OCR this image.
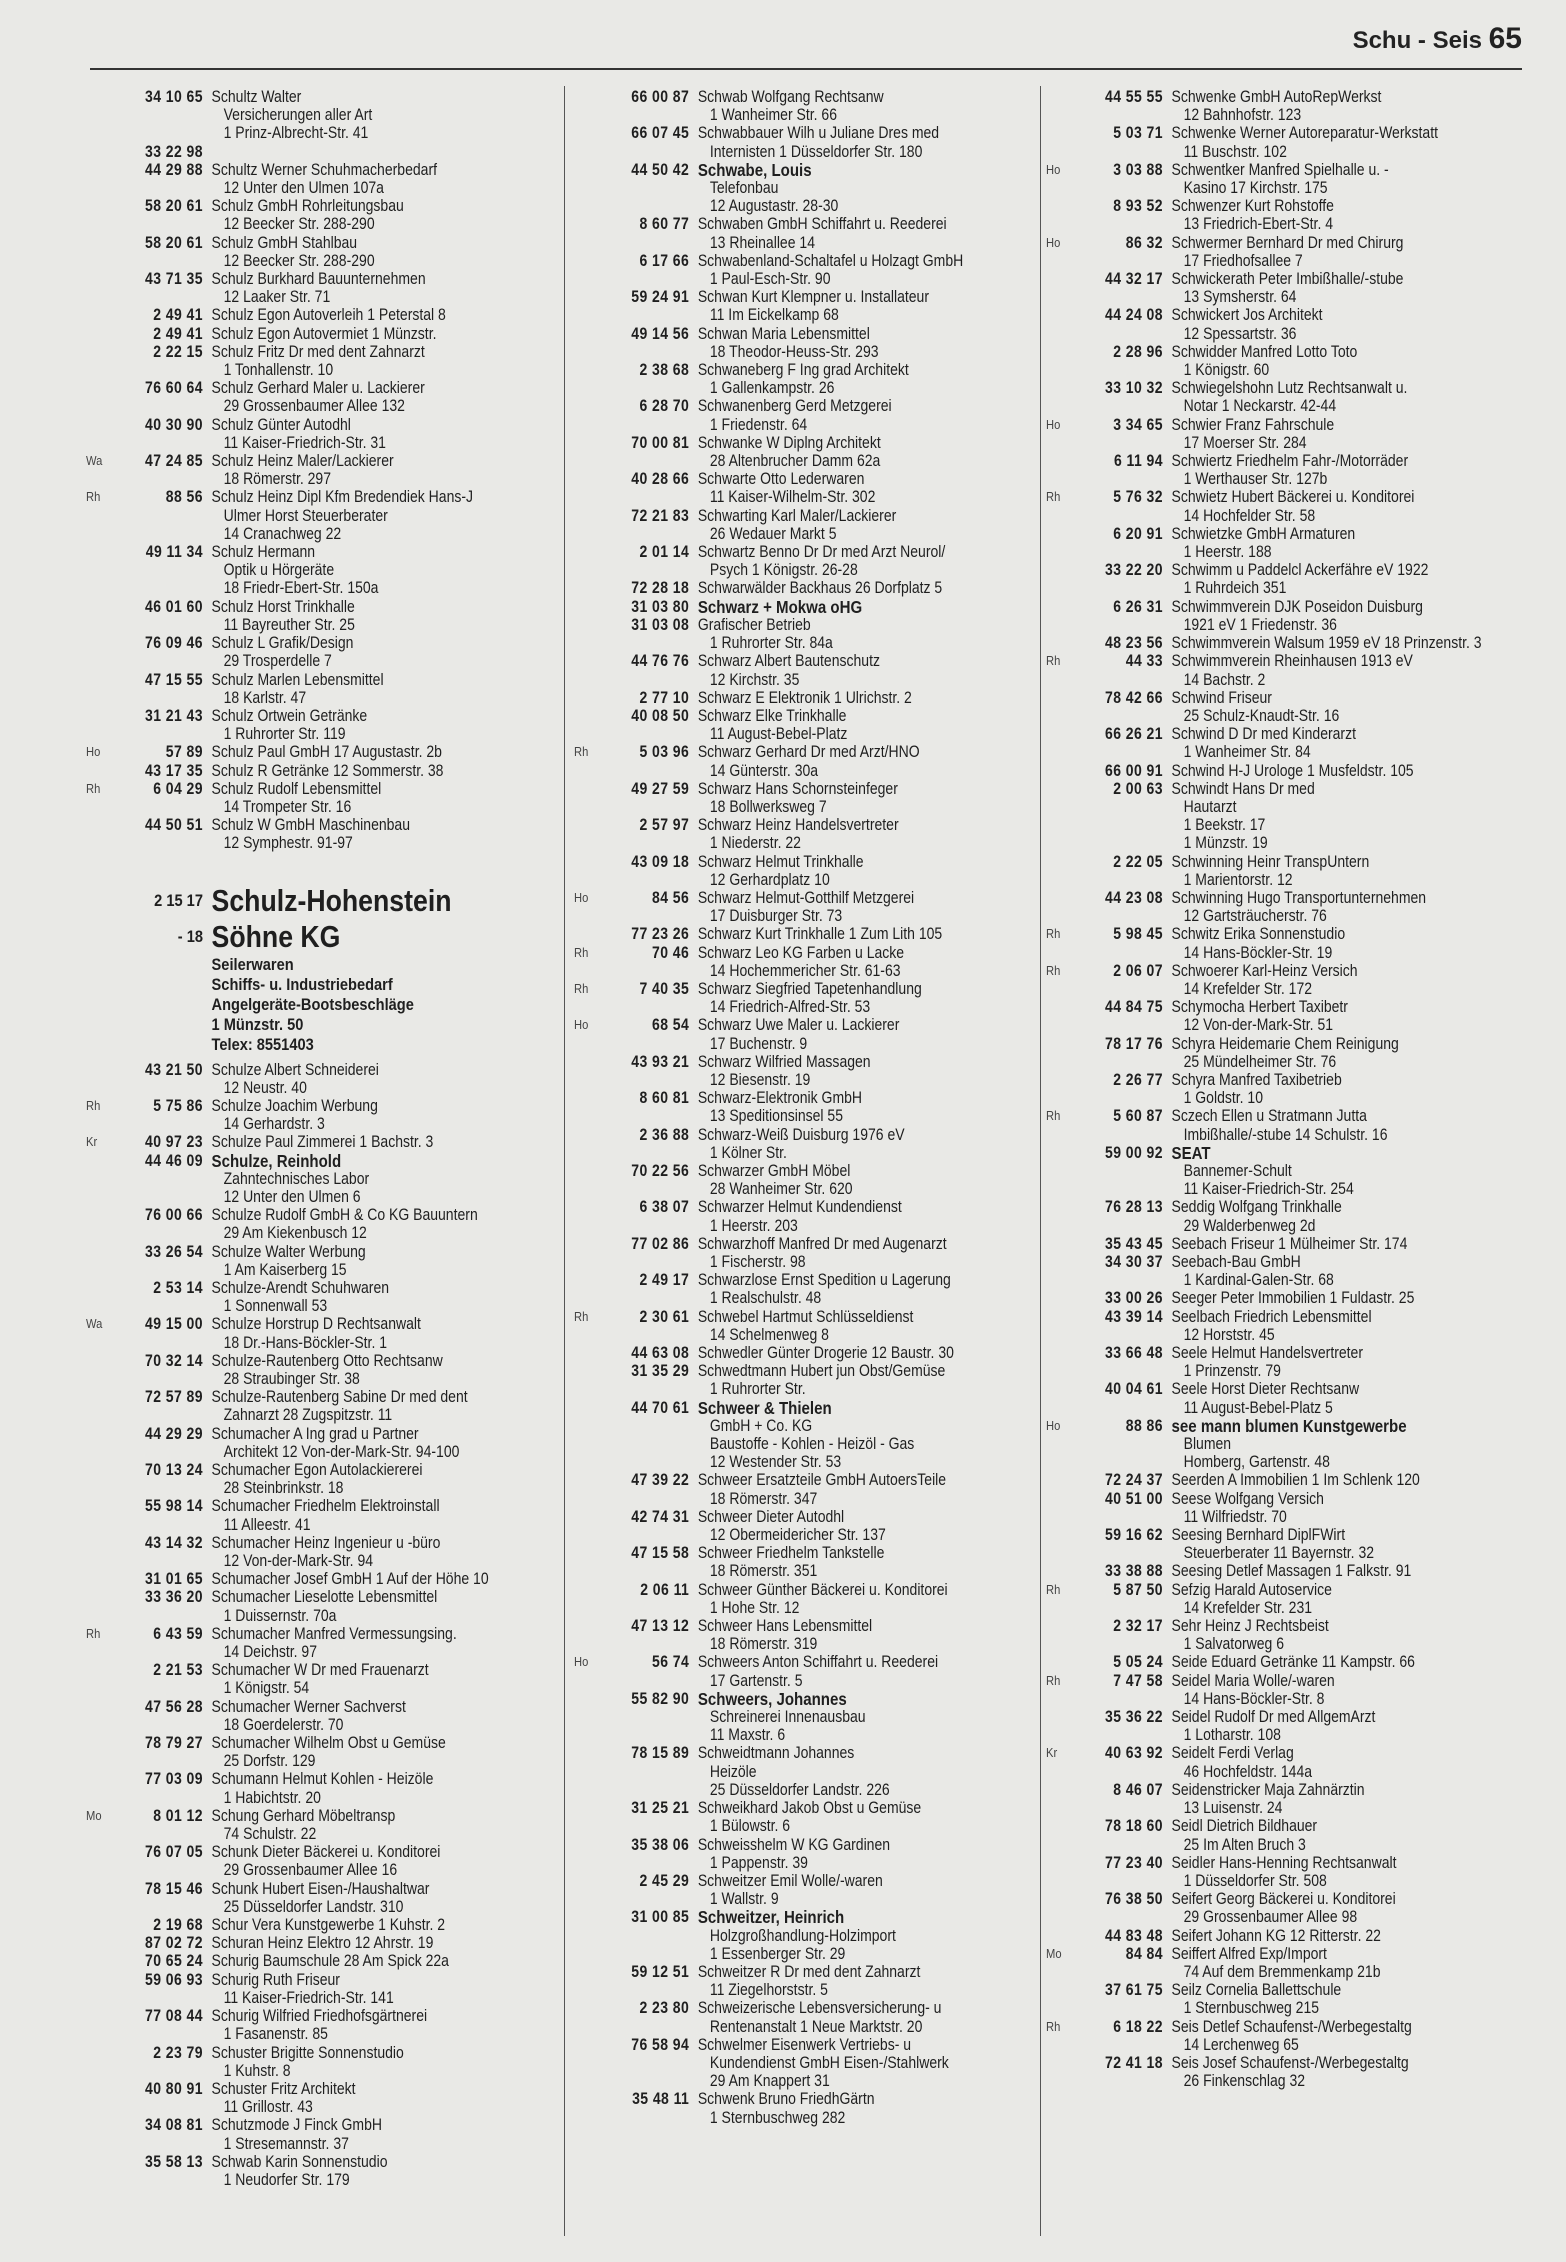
Schu - Seis 65
34 10 65 Schultz Walter
Versicherungen aller Art
1 Prinz-Albrecht-Str. 41
33 22 98
44 29 88 Schultz Werner Schuhmacherbedarf
12 Unter den Ulmen 107a
58 20 61 Schulz GmbH Rohrleitungsbau
12 Beecker Str. 288-290
58 20 61 Schulz GmbH Stahlbau
12 Beecker Str. 288-290
43 71 35 Schulz Burkhard Bauunternehmen
12 Laaker Str. 71
2 49 41 Schulz Egon Autoverleih 1 Peterstal 8
2 49 41 Schulz Egon Autovermiet 1 Münzstr.
2 22 15 Schulz Fritz Dr med dent Zahnarzt
1 Tonhallenstr. 10
76 60 64 Schulz Gerhard Maler u. Lackierer
29 Grossenbaumer Allee 132
40 30 90 Schulz Günter Autodhl
11 Kaiser-Friedrich-Str. 31
Wa	47 24 85 Schulz Heinz Maler/Lackierer
18 Römerstr. 297
Rh	88 56 Schulz Heinz Dipl Kfm Bredendiek Hans-J
Ulmer Horst Steuerberater
14 Cranachweg 22
49 11 34 Schulz Hermann
Optik u Hörgeräte
18 Friedr-Ebert-Str. 150a
46 01 60 Schulz Horst Trinkhalle
11 Bayreuther Str. 25
76 09 46 Schulz L Grafik/Design
29 Trosperdelle 7
47 15 55 Schulz Marlen Lebensmittel
18 Karlstr. 47
31 21 43 Schulz Ortwein Getränke
1 Ruhrorter Str. 119
Ho	57 89 Schulz Paul GmbH 17 Augustastr. 2b
43 17 35 Schulz R Getränke 12 Sommerstr. 38
Rh	6 04 29 Schulz Rudolf Lebensmittel
14 Trompeter Str. 16
44 50 51 Schulz W GmbH Maschinenbau
12 Symphestr. 91-97
2 15 17 Schulz-Hohenstein
- 18 Söhne KG
Seilerwaren
Schiffs- u. Industriebedarf
Angelgeräte-Bootsbeschläge
1 Münzstr. 50
Telex: 8551403
43 21 50 Schulze Albert Schneiderei
12 Neustr. 40
Rh	5 75 86 Schulze Joachim Werbung
14 Gerhardstr. 3
Kr	40 97 23 Schulze Paul Zimmerei 1 Bachstr. 3
44 46 09 Schulze, Reinhold
Zahntechnisches Labor
12 Unter den Ulmen 6
76 00 66 Schulze Rudolf GmbH & Co KG Bauuntern
29 Am Kiekenbusch 12
33 26 54 Schulze Walter Werbung
1 Am Kaiserberg 15
2 53 14 Schulze-Arendt Schuhwaren
1 Sonnenwall 53
Wa	49 15 00 Schulze Horstrup D Rechtsanwalt
18 Dr.-Hans-Böckler-Str. 1
70 32 14 Schulze-Rautenberg Otto Rechtsanw
28 Straubinger Str. 38
72 57 89 Schulze-Rautenberg Sabine Dr med dent
Zahnarzt 28 Zugspitzstr. 11
44 29 29 Schumacher A Ing grad u Partner
Architekt 12 Von-der-Mark-Str. 94-100
70 13 24 Schumacher Egon Autolackiererei
28 Steinbrinkstr. 18
55 98 14 Schumacher Friedhelm Elektroinstall
11 Alleestr. 41
43 14 32 Schumacher Heinz Ingenieur u -büro
12 Von-der-Mark-Str. 94
31 01 65 Schumacher Josef GmbH 1 Auf der Höhe 10
33 36 20 Schumacher Lieselotte Lebensmittel
1 Duissernstr. 70a
Rh	6 43 59 Schumacher Manfred Vermessungsing.
14 Deichstr. 97
2 21 53 Schumacher W Dr med Frauenarzt
1 Königstr. 54
47 56 28 Schumacher Werner Sachverst
18 Goerdelerstr. 70
78 79 27 Schumacher Wilhelm Obst u Gemüse
25 Dorfstr. 129
77 03 09 Schumann Helmut Kohlen - Heizöle
1 Habichtstr. 20
Mo	8 01 12 Schung Gerhard Möbeltransp
74 Schulstr. 22
76 07 05 Schunk Dieter Bäckerei u. Konditorei
29 Grossenbaumer Allee 16
78 15 46 Schunk Hubert Eisen-/Haushaltwar
25 Düsseldorfer Landstr. 310
2 19 68 Schur Vera Kunstgewerbe 1 Kuhstr. 2
87 02 72 Schuran Heinz Elektro 12 Ahrstr. 19
70 65 24 Schurig Baumschule 28 Am Spick 22a
59 06 93 Schurig Ruth Friseur
11 Kaiser-Friedrich-Str. 141
77 08 44 Schurig Wilfried Friedhofsgärtnerei
1 Fasanenstr. 85
2 23 79 Schuster Brigitte Sonnenstudio
1 Kuhstr. 8
40 80 91 Schuster Fritz Architekt
11 Grillostr. 43
34 08 81 Schutzmode J Finck GmbH
1 Stresemannstr. 37
35 58 13 Schwab Karin Sonnenstudio
1 Neudorfer Str. 179
66 00 87 Schwab Wolfgang Rechtsanw
1 Wanheimer Str. 66
66 07 45 Schwabbauer Wilh u Juliane Dres med
Internisten 1 Düsseldorfer Str. 180
44 50 42 Schwabe, Louis
Telefonbau
12 Augustastr. 28-30
8 60 77 Schwaben GmbH Schiffahrt u. Reederei
13 Rheinallee 14
6 17 66 Schwabenland-Schaltafel u Holzagt GmbH
1 Paul-Esch-Str. 90
59 24 91 Schwan Kurt Klempner u. Installateur
11 Im Eickelkamp 68
49 14 56 Schwan Maria Lebensmittel
18 Theodor-Heuss-Str. 293
2 38 68 Schwaneberg F Ing grad Architekt
1 Gallenkampstr. 26
6 28 70 Schwanenberg Gerd Metzgerei
1 Friedenstr. 64
70 00 81 Schwanke W Diplng Architekt
28 Altenbrucher Damm 62a
40 28 66 Schwarte Otto Lederwaren
11 Kaiser-Wilhelm-Str. 302
72 21 83 Schwarting Karl Maler/Lackierer
26 Wedauer Markt 5
2 01 14 Schwartz Benno Dr Dr med Arzt Neurol/
Psych 1 Königstr. 26-28
72 28 18 Schwarwälder Backhaus 26 Dorfplatz 5
31 03 80 Schwarz + Mokwa oHG
31 03 08 Grafischer Betrieb
1 Ruhrorter Str. 84a
44 76 76 Schwarz Albert Bautenschutz
12 Kirchstr. 35
2 77 10 Schwarz E Elektronik 1 Ulrichstr. 2
40 08 50 Schwarz Elke Trinkhalle
11 August-Bebel-Platz
Rh	5 03 96 Schwarz Gerhard Dr med Arzt/HNO
14 Günterstr. 30a
49 27 59 Schwarz Hans Schornsteinfeger
18 Bollwerksweg 7
2 57 97 Schwarz Heinz Handelsvertreter
1 Niederstr. 22
43 09 18 Schwarz Helmut Trinkhalle
12 Gerhardplatz 10
Ho	84 56 Schwarz Helmut-Gotthilf Metzgerei
17 Duisburger Str. 73
77 23 26 Schwarz Kurt Trinkhalle 1 Zum Lith 105
Rh	70 46 Schwarz Leo KG Farben u Lacke
14 Hochemmericher Str. 61-63
Rh	7 40 35 Schwarz Siegfried Tapetenhandlung
14 Friedrich-Alfred-Str. 53
Ho	68 54 Schwarz Uwe Maler u. Lackierer
17 Buchenstr. 9
43 93 21 Schwarz Wilfried Massagen
12 Biesenstr. 19
8 60 81 Schwarz-Elektronik GmbH
13 Speditionsinsel 55
2 36 88 Schwarz-Weiß Duisburg 1976 eV
1 Kölner Str.
70 22 56 Schwarzer GmbH Möbel
28 Wanheimer Str. 620
6 38 07 Schwarzer Helmut Kundendienst
1 Heerstr. 203
77 02 86 Schwarzhoff Manfred Dr med Augenarzt
1 Fischerstr. 98
2 49 17 Schwarzlose Ernst Spedition u Lagerung
1 Realschulstr. 48
Rh	2 30 61 Schwebel Hartmut Schlüsseldienst
14 Schelmenweg 8
44 63 08 Schwedler Günter Drogerie 12 Baustr. 30
31 35 29 Schwedtmann Hubert jun Obst/Gemüse
1 Ruhrorter Str.
44 70 61 Schweer & Thielen
GmbH + Co. KG
Baustoffe - Kohlen - Heizöl - Gas
12 Westender Str. 53
47 39 22 Schweer Ersatzteile GmbH AutoersTeile
18 Römerstr. 347
42 74 31 Schweer Dieter Autodhl
12 Obermeidericher Str. 137
47 15 58 Schweer Friedhelm Tankstelle
18 Römerstr. 351
2 06 11 Schweer Günther Bäckerei u. Konditorei
1 Hohe Str. 12
47 13 12 Schweer Hans Lebensmittel
18 Römerstr. 319
Ho	56 74 Schweers Anton Schiffahrt u. Reederei
17 Gartenstr. 5
55 82 90 Schweers, Johannes
Schreinerei Innenausbau
11 Maxstr. 6
78 15 89 Schweidtmann Johannes
Heizöle
25 Düsseldorfer Landstr. 226
31 25 21 Schweikhard Jakob Obst u Gemüse
1 Bülowstr. 6
35 38 06 Schweisshelm W KG Gardinen
1 Pappenstr. 39
2 45 29 Schweitzer Emil Wolle/-waren
1 Wallstr. 9
31 00 85 Schweitzer, Heinrich
Holzgroßhandlung-Holzimport
1 Essenberger Str. 29
59 12 51 Schweitzer R Dr med dent Zahnarzt
11 Ziegelhorststr. 5
2 23 80 Schweizerische Lebensversicherung- u
Rentenanstalt 1 Neue Marktstr. 20
76 58 94 Schwelmer Eisenwerk Vertriebs- u
Kundendienst GmbH Eisen-/Stahlwerk
29 Am Knappert 31
35 48 11 Schwenk Bruno FriedhGärtn
1 Sternbuschweg 282
44 55 55 Schwenke GmbH AutoRepWerkst
12 Bahnhofstr. 123
5 03 71 Schwenke Werner Autoreparatur-Werkstatt
11 Buschstr. 102
Ho	3 03 88 Schwentker Manfred Spielhalle u. -
Kasino 17 Kirchstr. 175
8 93 52 Schwenzer Kurt Rohstoffe
13 Friedrich-Ebert-Str. 4
Ho	86 32 Schwermer Bernhard Dr med Chirurg
17 Friedhofsallee 7
44 32 17 Schwickerath Peter Imbißhalle/-stube
13 Symsherstr. 64
44 24 08 Schwickert Jos Architekt
12 Spessartstr. 36
2 28 96 Schwidder Manfred Lotto Toto
1 Königstr. 60
33 10 32 Schwiegelshohn Lutz Rechtsanwalt u.
Notar 1 Neckarstr. 42-44
Ho	3 34 65 Schwier Franz Fahrschule
17 Moerser Str. 284
6 11 94 Schwiertz Friedhelm Fahr-/Motorräder
1 Werthauser Str. 127b
Rh	5 76 32 Schwietz Hubert Bäckerei u. Konditorei
14 Hochfelder Str. 58
6 20 91 Schwietzke GmbH Armaturen
1 Heerstr. 188
33 22 20 Schwimm u Paddelcl Ackerfähre eV 1922
1 Ruhrdeich 351
6 26 31 Schwimmverein DJK Poseidon Duisburg
1921 eV 1 Friedenstr. 36
48 23 56 Schwimmverein Walsum 1959 eV 18 Prinzenstr. 3
Rh	44 33 Schwimmverein Rheinhausen 1913 eV
14 Bachstr. 2
78 42 66 Schwind Friseur
25 Schulz-Knaudt-Str. 16
66 26 21 Schwind D Dr med Kinderarzt
1 Wanheimer Str. 84
66 00 91 Schwind H-J Urologe 1 Musfeldstr. 105
2 00 63 Schwindt Hans Dr med
Hautarzt
1 Beekstr. 17
1 Münzstr. 19
2 22 05 Schwinning Heinr TranspUntern
1 Marientorstr. 12
44 23 08 Schwinning Hugo Transportunternehmen
12 Gartsträucherstr. 76
Rh	5 98 45 Schwitz Erika Sonnenstudio
14 Hans-Böckler-Str. 19
Rh	2 06 07 Schwoerer Karl-Heinz Versich
14 Krefelder Str. 172
44 84 75 Schymocha Herbert Taxibetr
12 Von-der-Mark-Str. 51
78 17 76 Schyra Heidemarie Chem Reinigung
25 Mündelheimer Str. 76
2 26 77 Schyra Manfred Taxibetrieb
1 Goldstr. 10
Rh	5 60 87 Sczech Ellen u Stratmann Jutta
Imbißhalle/-stube 14 Schulstr. 16
59 00 92 SEAT
Bannemer-Schult
11 Kaiser-Friedrich-Str. 254
76 28 13 Seddig Wolfgang Trinkhalle
29 Walderbenweg 2d
35 43 45 Seebach Friseur 1 Mülheimer Str. 174
34 30 37 Seebach-Bau GmbH
1 Kardinal-Galen-Str. 68
33 00 26 Seeger Peter Immobilien 1 Fuldastr. 25
43 39 14 Seelbach Friedrich Lebensmittel
12 Horststr. 45
33 66 48 Seele Helmut Handelsvertreter
1 Prinzenstr. 79
40 04 61 Seele Horst Dieter Rechtsanw
11 August-Bebel-Platz 5
Ho	88 86 see mann blumen Kunstgewerbe
Blumen
Homberg, Gartenstr. 48
72 24 37 Seerden A Immobilien 1 Im Schlenk 120
40 51 00 Seese Wolfgang Versich
11 Wilfriedstr. 70
59 16 62 Seesing Bernhard DiplFWirt
Steuerberater 11 Bayernstr. 32
33 38 88 Seesing Detlef Massagen 1 Falkstr. 91
Rh	5 87 50 Sefzig Harald Autoservice
14 Krefelder Str. 231
2 32 17 Sehr Heinz J Rechtsbeist
1 Salvatorweg 6
5 05 24 Seide Eduard Getränke 11 Kampstr. 66
Rh	7 47 58 Seidel Maria Wolle/-waren
14 Hans-Böckler-Str. 8
35 36 22 Seidel Rudolf Dr med AllgemArzt
1 Lotharstr. 108
Kr	40 63 92 Seidelt Ferdi Verlag
46 Hochfeldstr. 144a
8 46 07 Seidenstricker Maja Zahnärztin
13 Luisenstr. 24
78 18 60 Seidl Dietrich Bildhauer
25 Im Alten Bruch 3
77 23 40 Seidler Hans-Henning Rechtsanwalt
1 Düsseldorfer Str. 508
76 38 50 Seifert Georg Bäckerei u. Konditorei
29 Grossenbaumer Allee 98
44 83 48 Seifert Johann KG 12 Ritterstr. 22
Mo	84 84 Seiffert Alfred Exp/Import
74 Auf dem Bremmenkamp 21b
37 61 75 Seilz Cornelia Ballettschule
1 Sternbuschweg 215
Rh	6 18 22 Seis Detlef Schaufenst-/Werbegestaltg
14 Lerchenweg 65
72 41 18 Seis Josef Schaufenst-/Werbegestaltg
26 Finkenschlag 32
